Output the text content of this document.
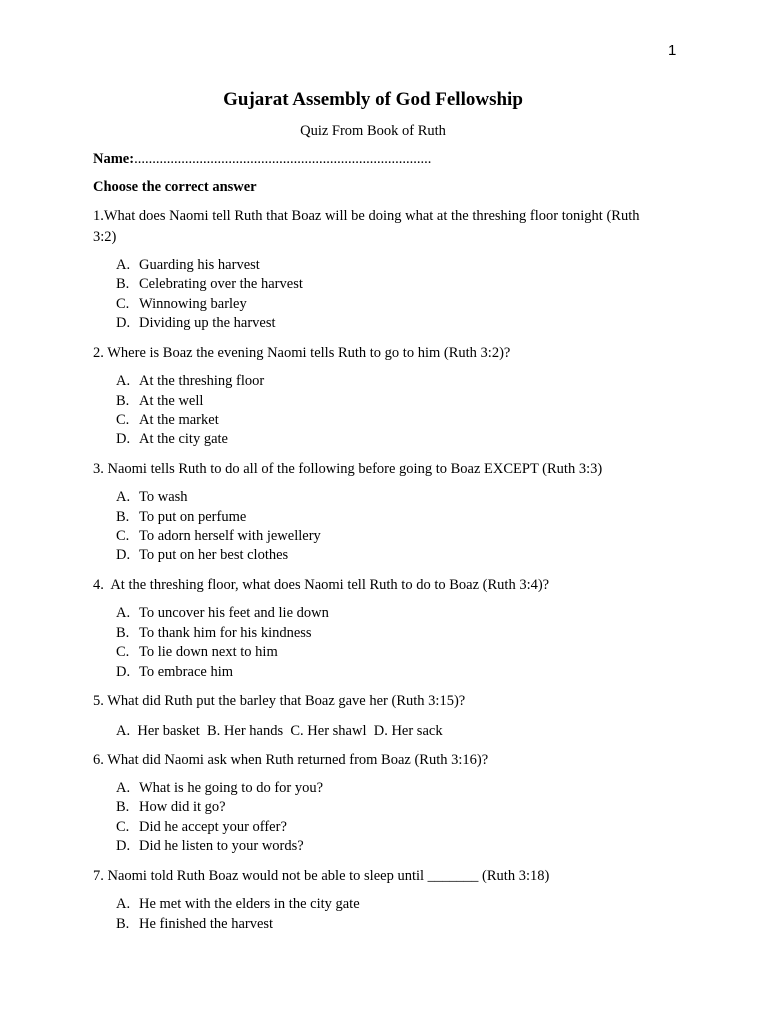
1
Gujarat Assembly of God Fellowship

Quiz From Book of Ruth

Name:..................................................................................

Choose the correct answer

1.What does Naomi tell Ruth that Boaz will be doing what at the threshing floor tonight (Ruth 3:2)

A. Guarding his harvest
B. Celebrating over the harvest
C. Winnowing barley
D. Dividing up the harvest

2. Where is Boaz the evening Naomi tells Ruth to go to him (Ruth 3:2)?

A. At the threshing floor
B. At the well
C. At the market
D. At the city gate

3. Naomi tells Ruth to do all of the following before going to Boaz EXCEPT (Ruth 3:3)

A. To wash
B. To put on perfume
C. To adorn herself with jewellery
D. To put on her best clothes

4.  At the threshing floor, what does Naomi tell Ruth to do to Boaz (Ruth 3:4)?

A. To uncover his feet and lie down
B. To thank him for his kindness
C. To lie down next to him
D. To embrace him

5. What did Ruth put the barley that Boaz gave her (Ruth 3:15)?

A.  Her basket  B. Her hands  C. Her shawl  D. Her sack

6. What did Naomi ask when Ruth returned from Boaz (Ruth 3:16)?

A. What is he going to do for you?
B. How did it go?
C. Did he accept your offer?
D. Did he listen to your words?

7. Naomi told Ruth Boaz would not be able to sleep until _______ (Ruth 3:18)

A. He met with the elders in the city gate
B. He finished the harvest
